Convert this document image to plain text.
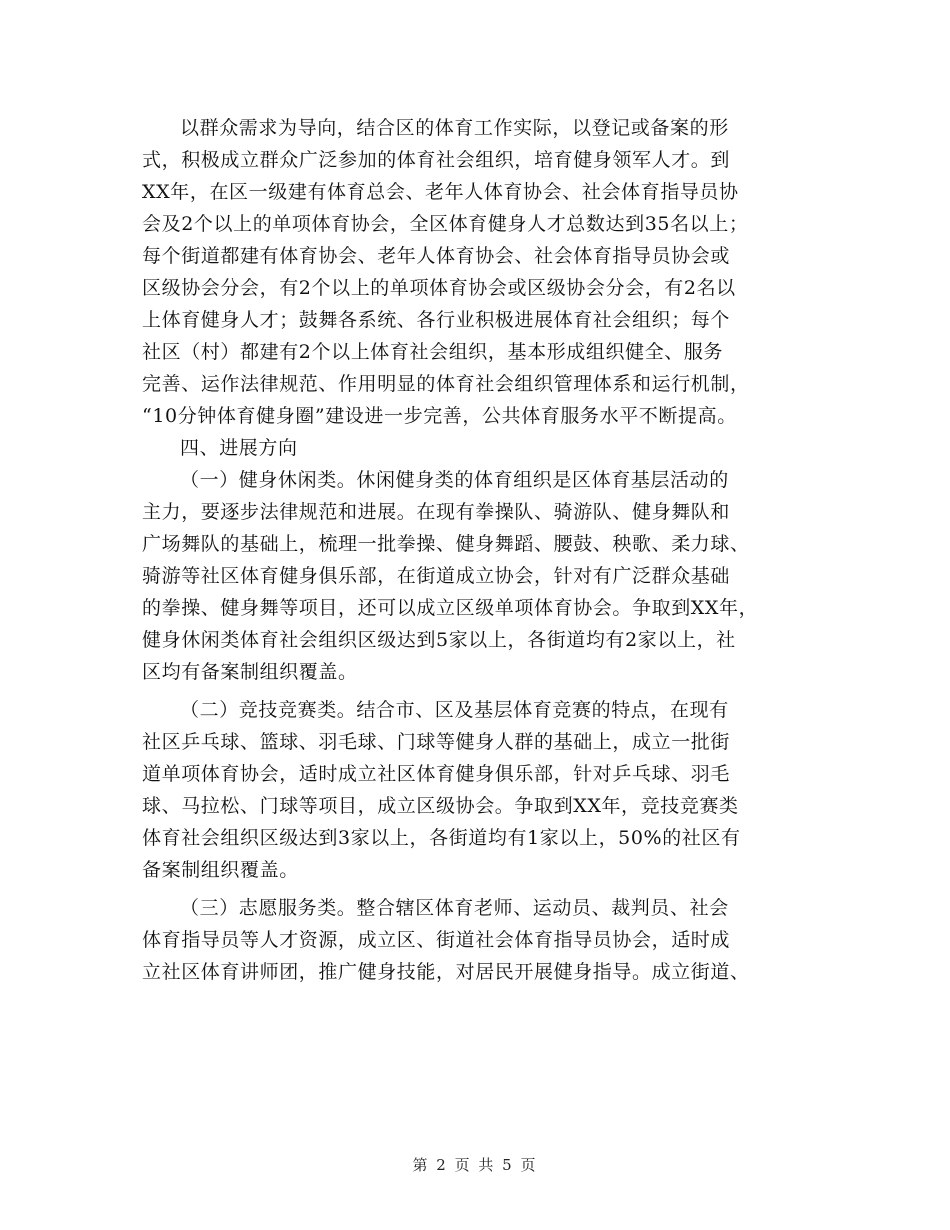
以群众需求为导向，结合区的体育工作实际，以登记或备案的形
式，积极成立群众广泛参加的体育社会组织，培育健身领军人才。到
XX年，在区一级建有体育总会、老年人体育协会、社会体育指导员协
会及2个以上的单项体育协会，全区体育健身人才总数达到35名以上；
每个街道都建有体育协会、老年人体育协会、社会体育指导员协会或
区级协会分会，有2个以上的单项体育协会或区级协会分会，有2名以
上体育健身人才；鼓舞各系统、各行业积极进展体育社会组织；每个
社区（村）都建有2个以上体育社会组织，基本形成组织健全、服务
完善、运作法律规范、作用明显的体育社会组织管理体系和运行机制，
“10分钟体育健身圈”建设进一步完善，公共体育服务水平不断提高。
四、进展方向
（一）健身休闲类。休闲健身类的体育组织是区体育基层活动的
主力，要逐步法律规范和进展。在现有拳操队、骑游队、健身舞队和
广场舞队的基础上，梳理一批拳操、健身舞蹈、腰鼓、秧歌、柔力球、
骑游等社区体育健身俱乐部，在街道成立协会，针对有广泛群众基础
的拳操、健身舞等项目，还可以成立区级单项体育协会。争取到XX年，
健身休闲类体育社会组织区级达到5家以上，各街道均有2家以上，社
区均有备案制组织覆盖。
（二）竞技竞赛类。结合市、区及基层体育竞赛的特点，在现有
社区乒乓球、篮球、羽毛球、门球等健身人群的基础上，成立一批街
道单项体育协会，适时成立社区体育健身俱乐部，针对乒乓球、羽毛
球、马拉松、门球等项目，成立区级协会。争取到XX年，竞技竞赛类
体育社会组织区级达到3家以上，各街道均有1家以上，50%的社区有
备案制组织覆盖。
（三）志愿服务类。整合辖区体育老师、运动员、裁判员、社会
体育指导员等人才资源，成立区、街道社会体育指导员协会，适时成
立社区体育讲师团，推广健身技能，对居民开展健身指导。成立街道、
第 2 页 共 5 页
